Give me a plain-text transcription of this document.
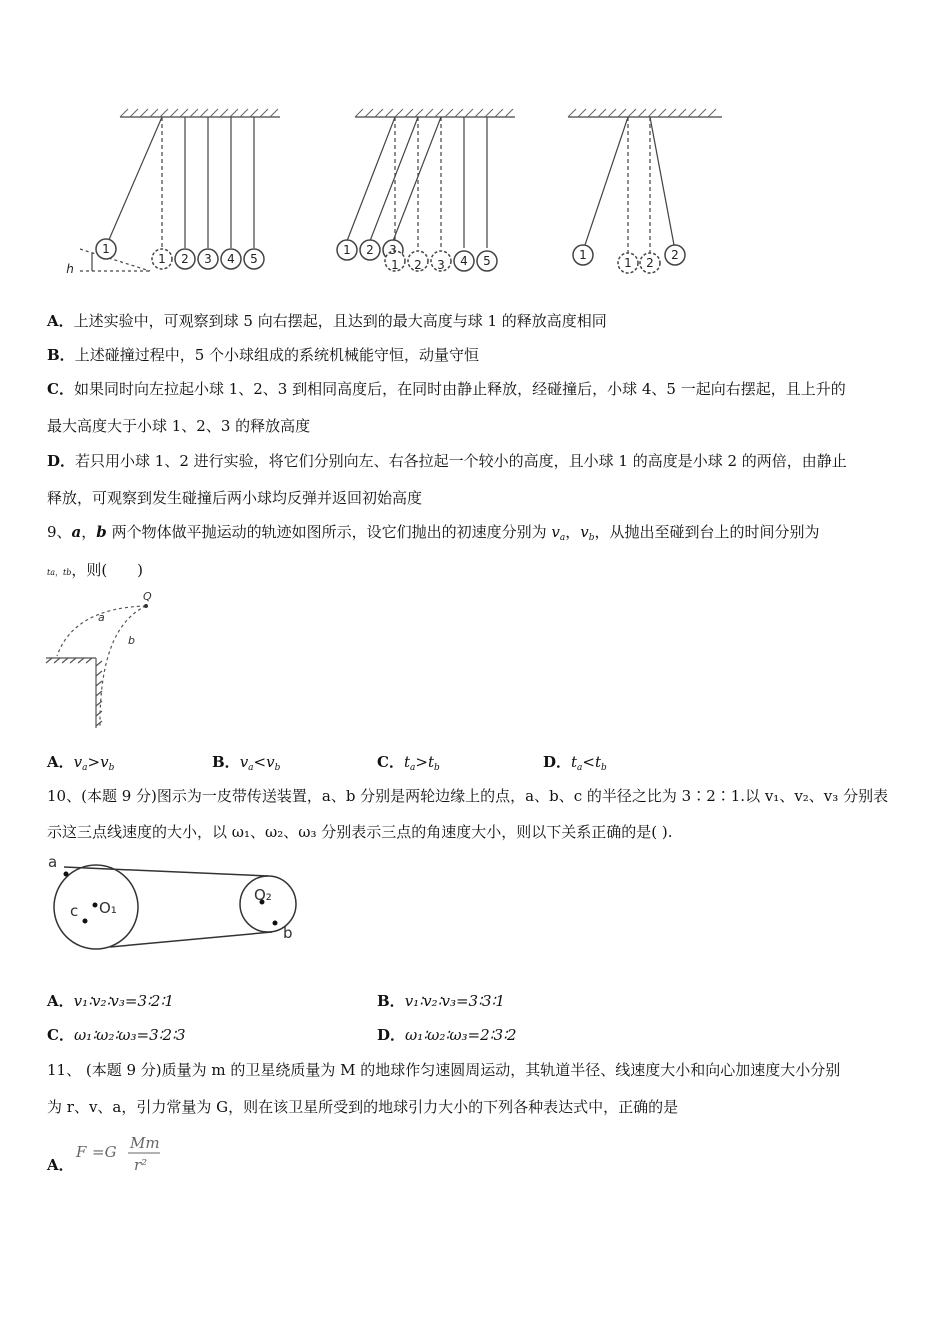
1
1 2 3 4 5
h
1 2 3
1 2 3 4 5	1
1 2
2
A．上述实验中，可观察到球 5 向右摆起，且达到的最大高度与球 1 的释放高度相同
B．上述碰撞过程中，5 个小球组成的系统机械能守恒，动量守恒
C．如果同时向左拉起小球 1、2、3 到相同高度后，在同时由静止释放，经碰撞后，小球 4、5 一起向右摆起，且上升的
最大高度大于小球 1、2、3 的释放高度
D．若只用小球 1、2 进行实验，将它们分别向左、右各拉起一个较小的高度，且小球 1 的高度是小球 2 的两倍，由静止
释放，可观察到发生碰撞后两小球均反弹并返回初始高度
9、a，b 两个物体做平抛运动的轨迹如图所示，设它们抛出的初速度分别为 $v_a$，$v_b$，从抛出至碰到台上的时间分别为
ta，tb，则(　　)
Q
a
b
A．$v_a>v_b$	B．$v_a<v_b$	C．$t_a>t_b$	D．$t_a<t_b$
10、(本题 9 分)图示为一皮带传送装置，a、b 分别是两轮边缘上的点，a、b、c 的半径之比为 3∶2∶1.以 v₁、v₂、v₃ 分别表
示这三点线速度的大小，以 ω₁、ω₂、ω₃ 分别表示三点的角速度大小，则以下关系正确的是( ).
a
c O₁
O₂
b
A．v₁∶v₂∶v₃=3∶2∶1	B．v₁∶v₂∶v₃=3∶3∶1
C．ω₁∶ω₂∶ω₃=3∶2∶3	D．ω₁∶ω₂∶ω₃=2∶3∶2
11、 (本题 9 分)质量为 m 的卫星绕质量为 M 的地球作匀速圆周运动，其轨道半径、线速度大小和向心加速度大小分别
为 r、v、a，引力常量为 G，则在该卫星所受到的地球引力大小的下列各种表达式中，正确的是
A．
F =G Mm
r²
